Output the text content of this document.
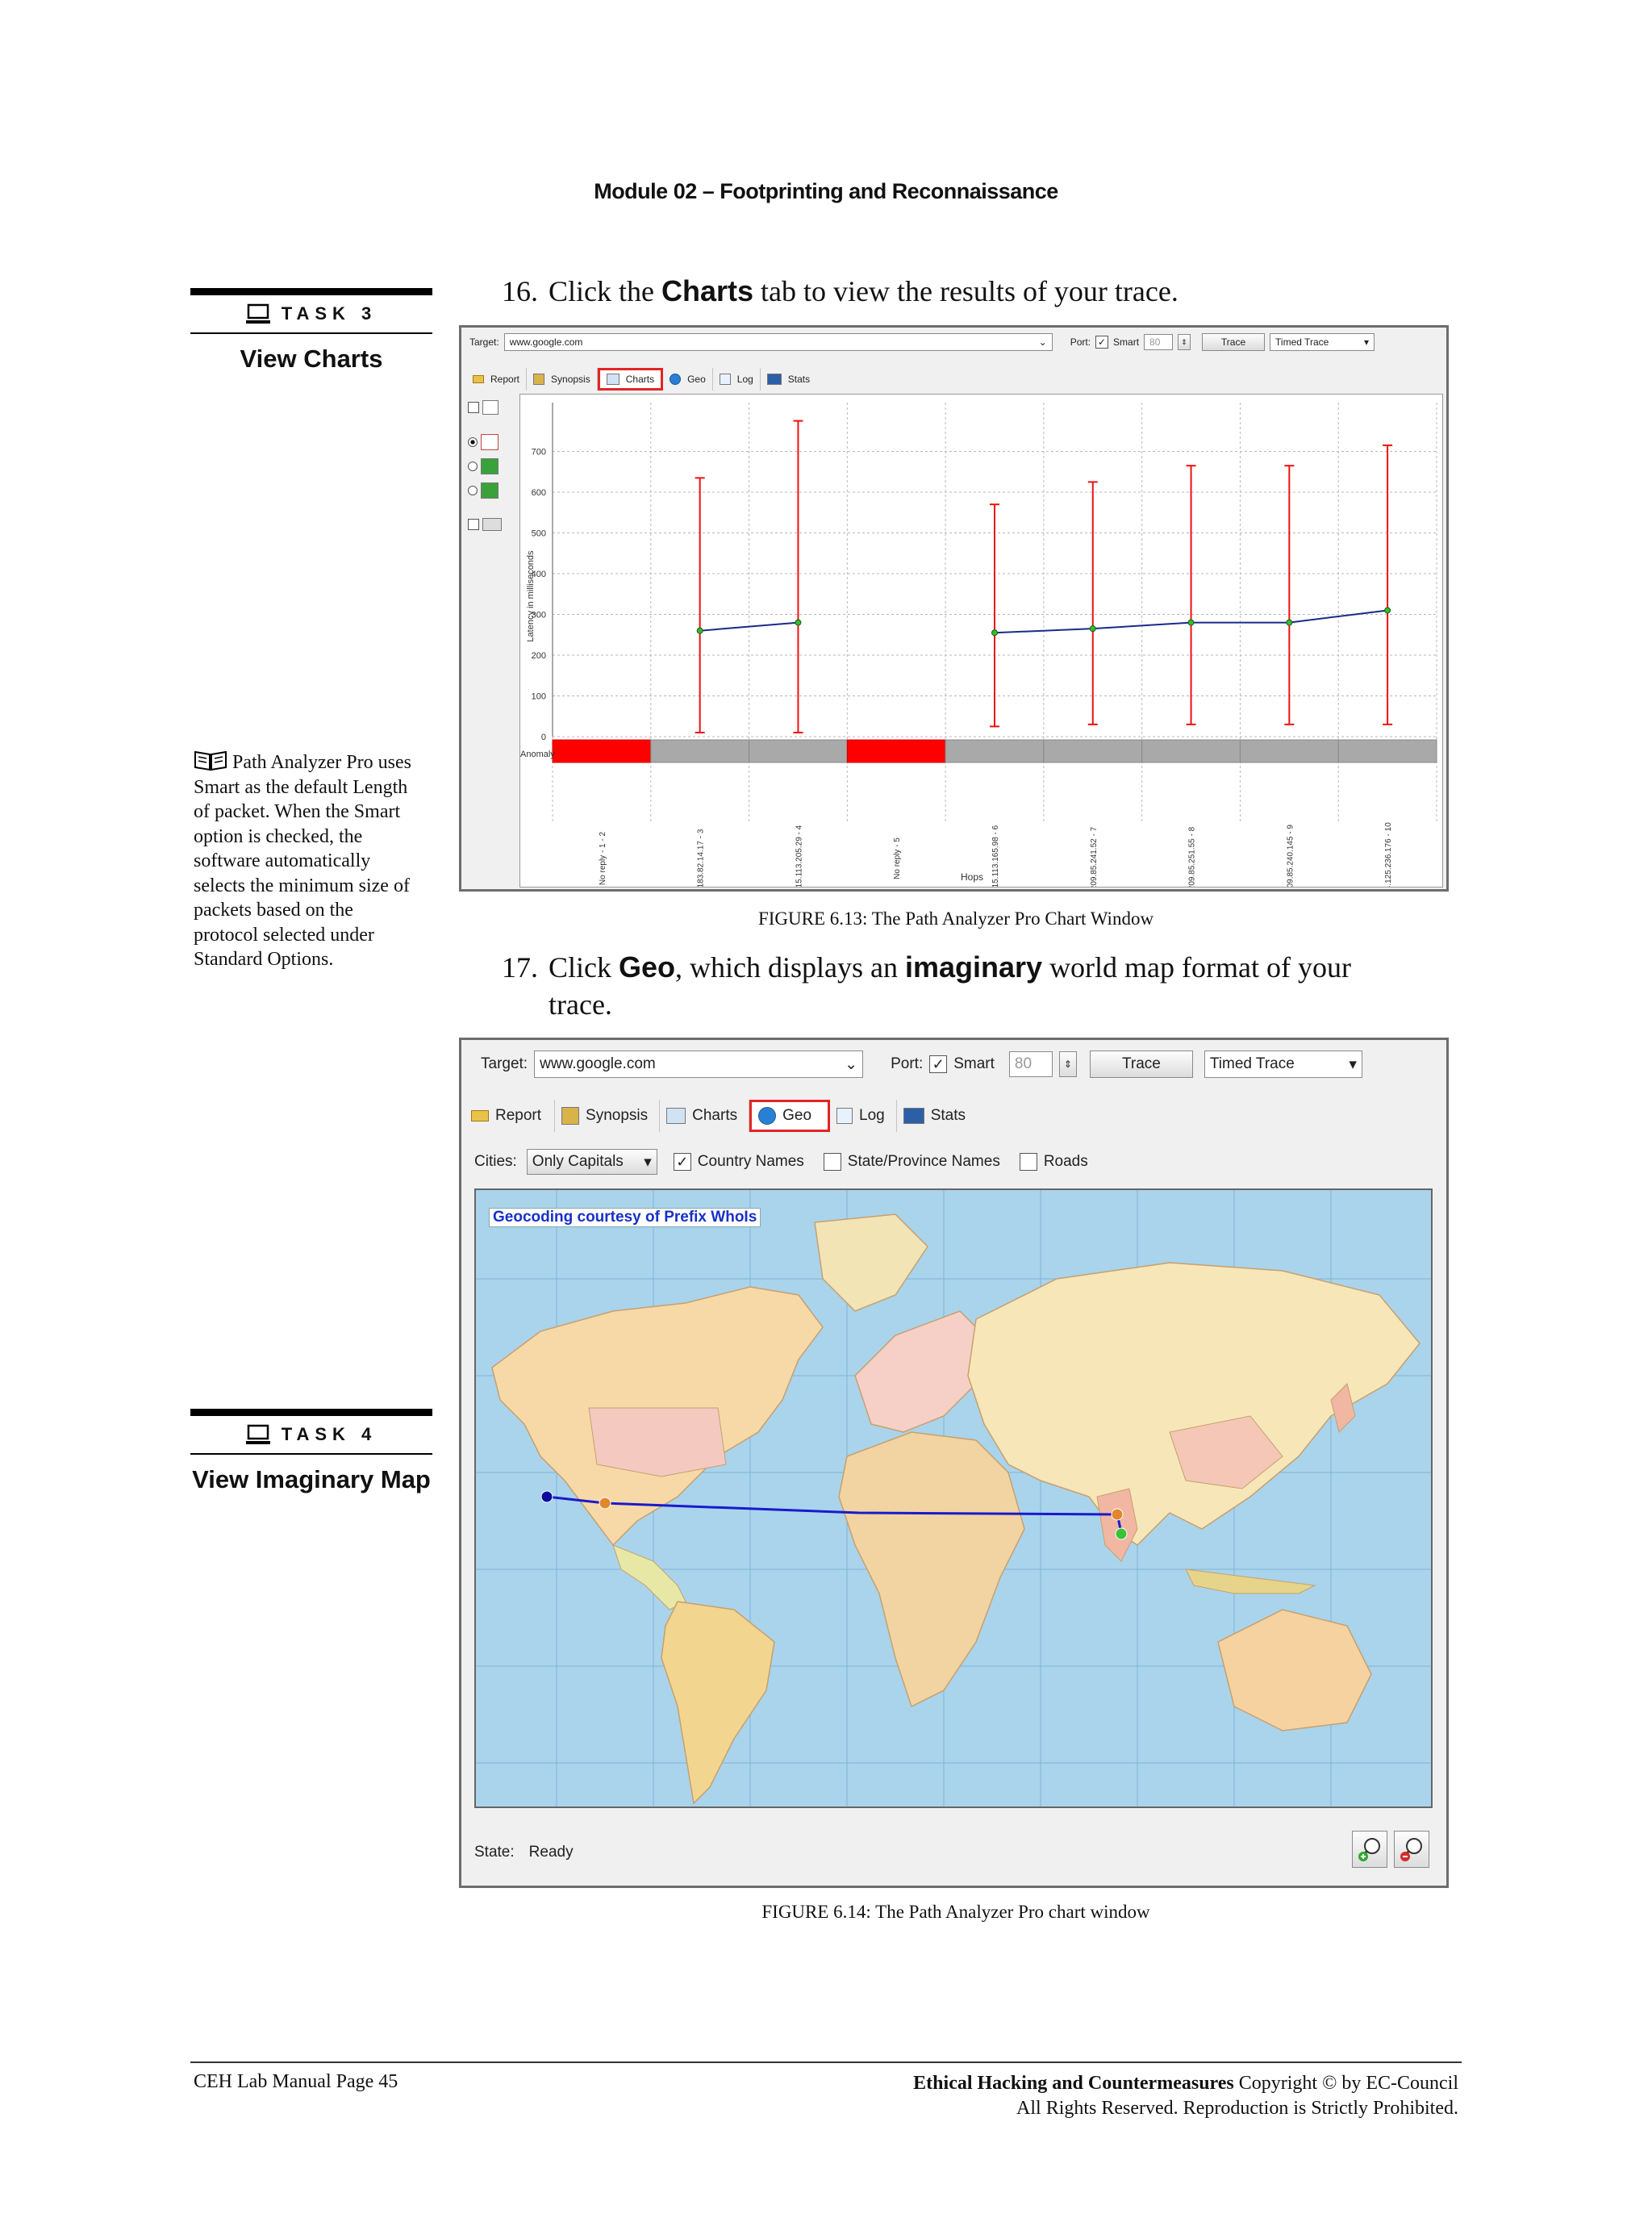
Module 02 – Footprinting and Reconnaissance
TASK 3
View Charts
TASK 4
View Imaginary Map
Path Analyzer Pro uses Smart as the default Length of packet. When the Smart option is checked, the software automatically selects the minimum size of packets based on the protocol selected under Standard Options.
16. Click the Charts tab to view the results of your trace.
Target: www.google.com	⌄ Port: ✓ Smart 80	⇕	Trace	Timed Trace	▾
Report	Synopsis	Charts	Geo	Log	Stats
0
100
200
300
400
500
600
700
No reply - 1 - 2	183.82.14.17 - 3	115.113.205.29 - 4	No reply - 5	115.113.165.98 - 6	209.85.241.52 - 7	209.85.251.55 - 8	209.85.240.145 - 9	74.125.236.176 - 10
Latency in milliseconds
Hops
Anomaly
FIGURE 6.13: The Path Analyzer Pro Chart Window
17. Click Geo, which displays an imaginary world map format of your
trace.
Target: www.google.com	⌄ Port: ✓ Smart 80	⇕	Trace	Timed Trace	▾
Report	Synopsis	Charts	Geo	Log	Stats
Cities: Only Capitals ▾ ✓ Country Names	State/Province Names	Roads
Geocoding courtesy of Prefix WhoIs
State: Ready
FIGURE 6.14: The Path Analyzer Pro chart window
CEH Lab Manual Page 45	Ethical Hacking and Countermeasures Copyright © by EC-Council
All Rights Reserved. Reproduction is Strictly Prohibited.
